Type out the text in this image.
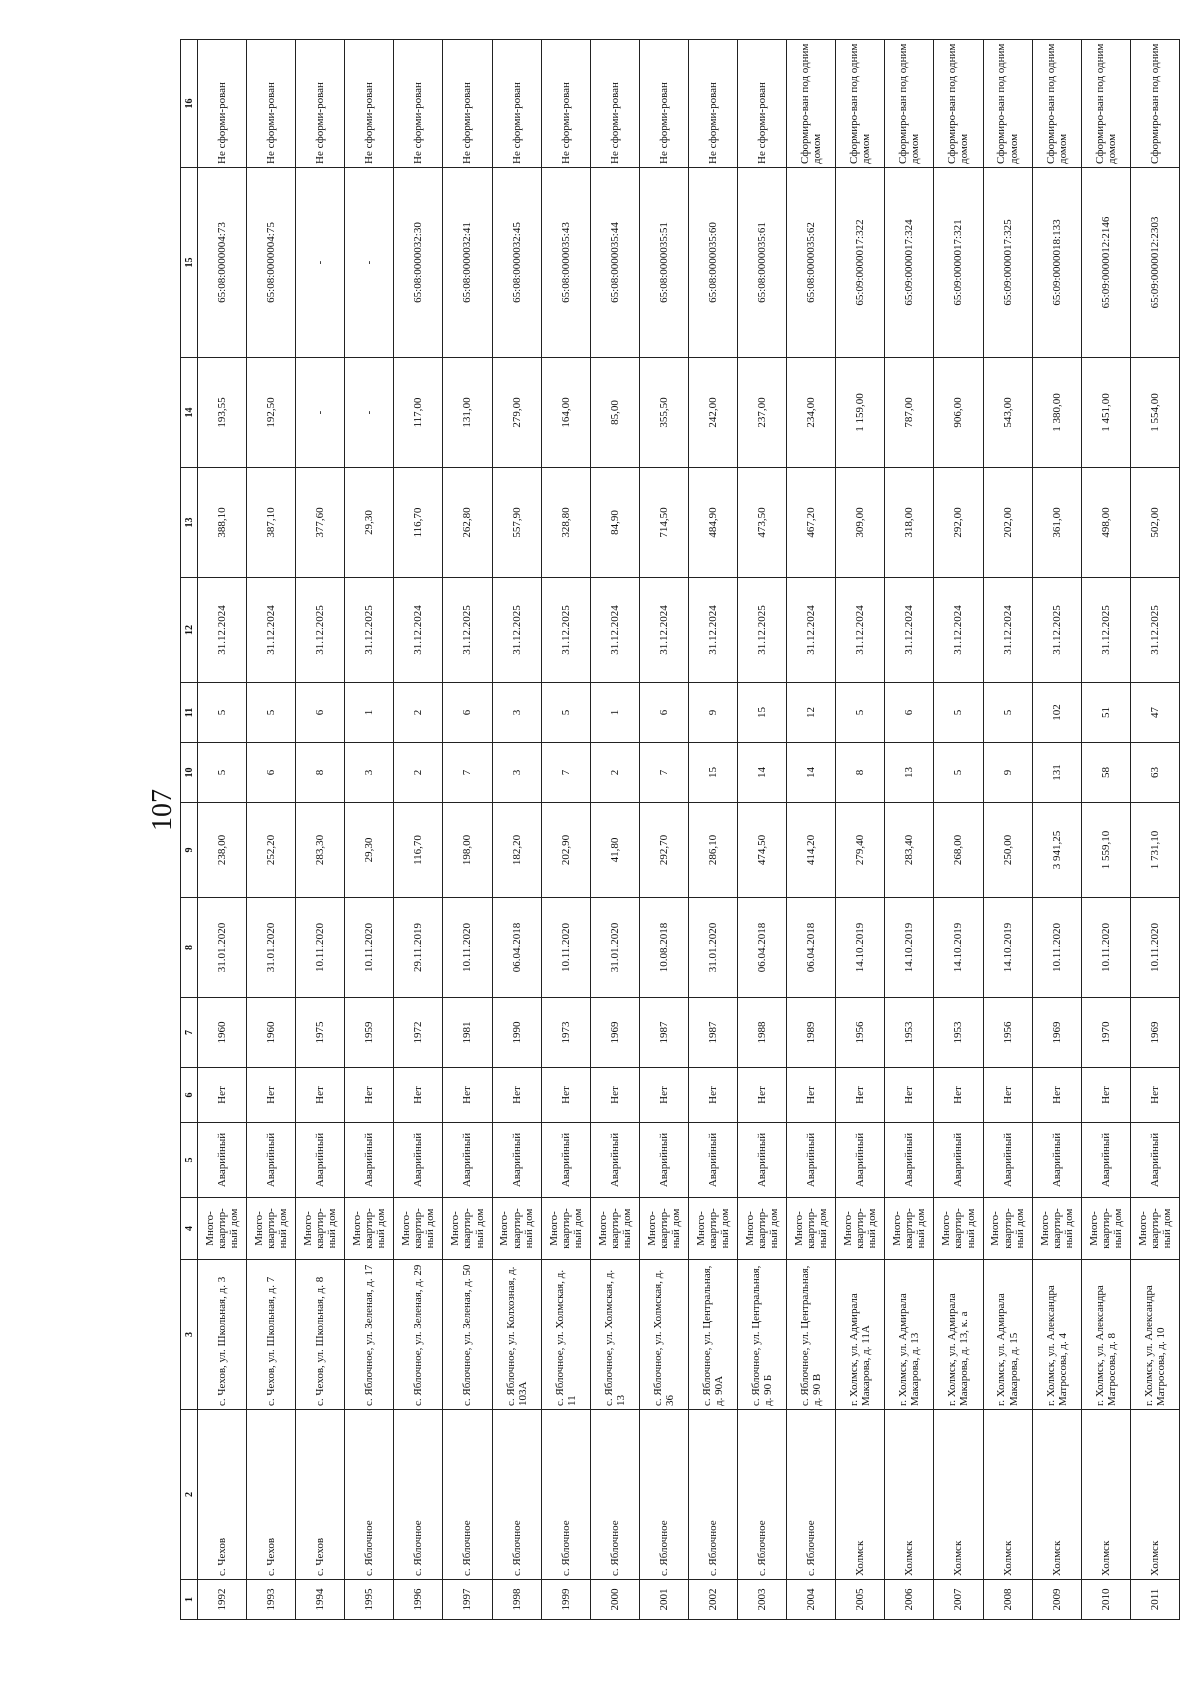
107
1	2	3	4	5	6	7	8	9	10	11	12	13	14	15	16
1992	с. Чехов	с. Чехов, ул. Школьная, д. 3	Много-квартир-ный дом	Аварийный	Нет	1960	31.01.2020	238,00	5	5	31.12.2024	388,10	193,55	65:08:0000004:73	Не сформи-рован
1993	с. Чехов	с. Чехов, ул. Школьная, д. 7	Много-квартир-ный дом	Аварийный	Нет	1960	31.01.2020	252,20	6	5	31.12.2024	387,10	192,50	65:08:0000004:75	Не сформи-рован
1994	с. Чехов	с. Чехов, ул. Школьная, д. 8	Много-квартир-ный дом	Аварийный	Нет	1975	10.11.2020	283,30	8	6	31.12.2025	377,60	-	-	Не сформи-рован
1995	с. Яблочное	с. Яблочное, ул. Зеленая, д. 17	Много-квартир-ный дом	Аварийный	Нет	1959	10.11.2020	29,30	3	1	31.12.2025	29,30	-	-	Не сформи-рован
1996	с. Яблочное	с. Яблочное, ул. Зеленая, д. 29	Много-квартир-ный дом	Аварийный	Нет	1972	29.11.2019	116,70	2	2	31.12.2024	116,70	117,00	65:08:0000032:30	Не сформи-рован
1997	с. Яблочное	с. Яблочное, ул. Зеленая, д. 50	Много-квартир-ный дом	Аварийный	Нет	1981	10.11.2020	198,00	7	6	31.12.2025	262,80	131,00	65:08:0000032:41	Не сформи-рован
1998	с. Яблочное	с. Яблочное, ул. Колхозная, д. 103А	Много-квартир-ный дом	Аварийный	Нет	1990	06.04.2018	182,20	3	3	31.12.2025	557,90	279,00	65:08:0000032:45	Не сформи-рован
1999	с. Яблочное	с. Яблочное, ул. Холмская, д. 11	Много-квартир-ный дом	Аварийный	Нет	1973	10.11.2020	202,90	7	5	31.12.2025	328,80	164,00	65:08:0000035:43	Не сформи-рован
2000	с. Яблочное	с. Яблочное, ул. Холмская, д. 13	Много-квартир-ный дом	Аварийный	Нет	1969	31.01.2020	41,80	2	1	31.12.2024	84,90	85,00	65:08:0000035:44	Не сформи-рован
2001	с. Яблочное	с. Яблочное, ул. Холмская, д. 36	Много-квартир-ный дом	Аварийный	Нет	1987	10.08.2018	292,70	7	6	31.12.2024	714,50	355,50	65:08:0000035:51	Не сформи-рован
2002	с. Яблочное	с. Яблочное, ул. Центральная, д. 90А	Много-квартир-ный дом	Аварийный	Нет	1987	31.01.2020	286,10	15	9	31.12.2024	484,90	242,00	65:08:0000035:60	Не сформи-рован
2003	с. Яблочное	с. Яблочное, ул. Центральная, д. 90 Б	Много-квартир-ный дом	Аварийный	Нет	1988	06.04.2018	474,50	14	15	31.12.2025	473,50	237,00	65:08:0000035:61	Не сформи-рован
2004	с. Яблочное	с. Яблочное, ул. Центральная, д. 90 В	Много-квартир-ный дом	Аварийный	Нет	1989	06.04.2018	414,20	14	12	31.12.2024	467,20	234,00	65:08:0000035:62	Сформиро-ван под одним домом
2005	Холмск	г. Холмск, ул. Адмирала Макарова, д. 11А	Много-квартир-ный дом	Аварийный	Нет	1956	14.10.2019	279,40	8	5	31.12.2024	309,00	1 159,00	65:09:0000017:322	Сформиро-ван под одним домом
2006	Холмск	г. Холмск, ул. Адмирала Макарова, д. 13	Много-квартир-ный дом	Аварийный	Нет	1953	14.10.2019	283,40	13	6	31.12.2024	318,00	787,00	65:09:0000017:324	Сформиро-ван под одним домом
2007	Холмск	г. Холмск, ул. Адмирала Макарова, д. 13, к. а	Много-квартир-ный дом	Аварийный	Нет	1953	14.10.2019	268,00	5	5	31.12.2024	292,00	906,00	65:09:0000017:321	Сформиро-ван под одним домом
2008	Холмск	г. Холмск, ул. Адмирала Макарова, д. 15	Много-квартир-ный дом	Аварийный	Нет	1956	14.10.2019	250,00	9	5	31.12.2024	202,00	543,00	65:09:0000017:325	Сформиро-ван под одним домом
2009	Холмск	г. Холмск, ул. Александра Матросова, д. 4	Много-квартир-ный дом	Аварийный	Нет	1969	10.11.2020	3 941,25	131	102	31.12.2025	361,00	1 380,00	65:09:0000018:133	Сформиро-ван под одним домом
2010	Холмск	г. Холмск, ул. Александра Матросова, д. 8	Много-квартир-ный дом	Аварийный	Нет	1970	10.11.2020	1 559,10	58	51	31.12.2025	498,00	1 451,00	65:09:0000012:2146	Сформиро-ван под одним домом
2011	Холмск	г. Холмск, ул. Александра Матросова, д. 10	Много-квартир-ный дом	Аварийный	Нет	1969	10.11.2020	1 731,10	63	47	31.12.2025	502,00	1 554,00	65:09:0000012:2303	Сформиро-ван под одним
